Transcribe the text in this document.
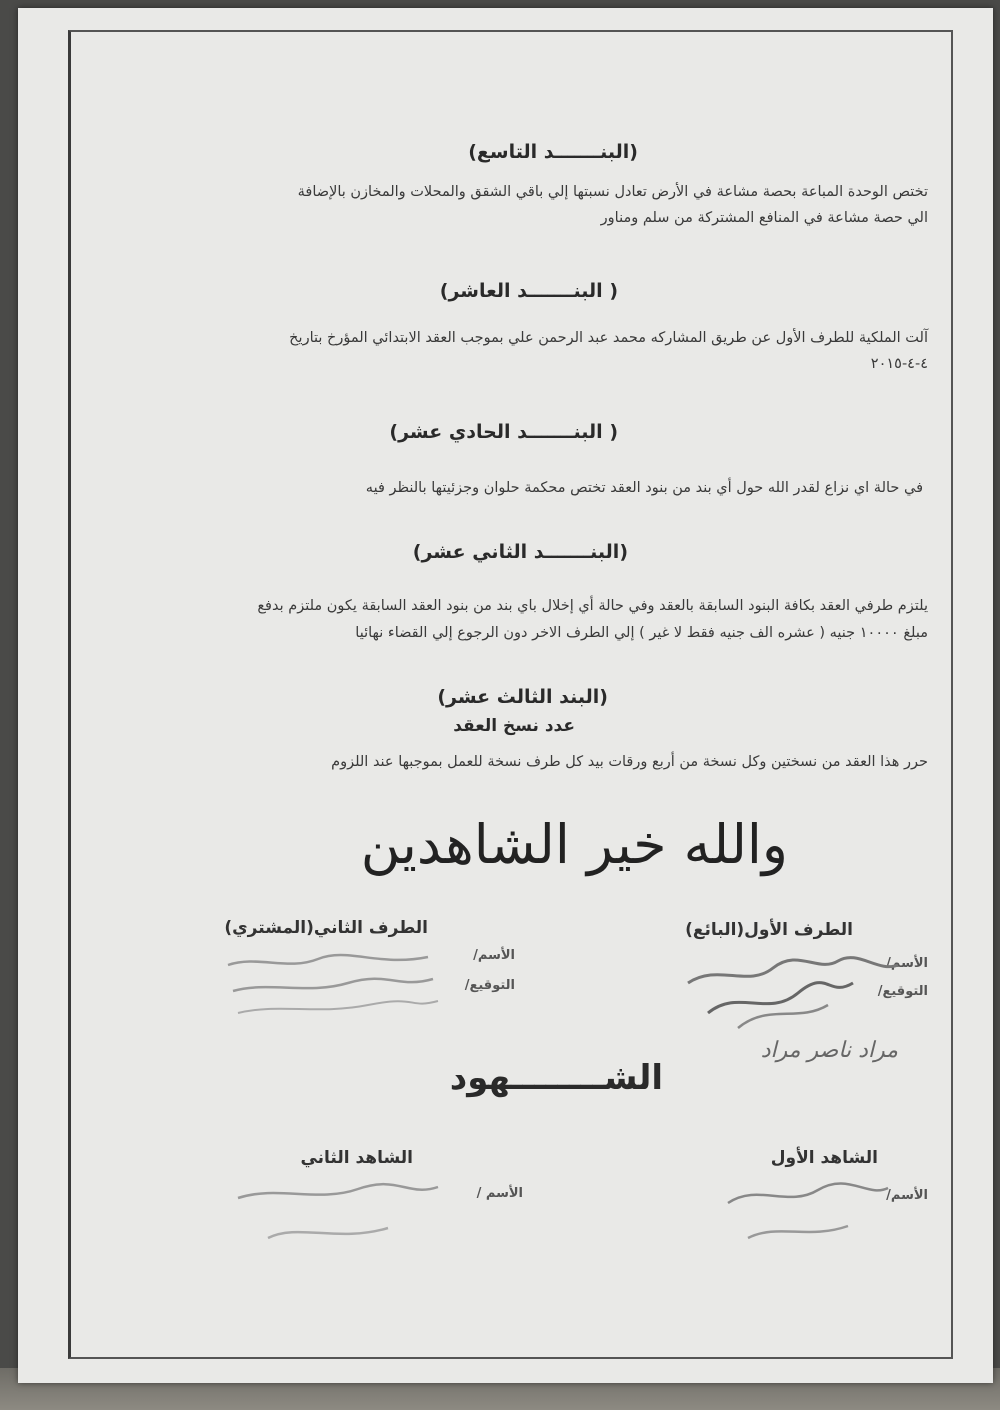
(البنـــــــد التاسع)
تختص الوحدة المباعة بحصة مشاعة في الأرض تعادل نسبتها إلي باقي الشقق والمحلات والمخازن بالإضافة
الي حصة مشاعة في المنافع المشتركة من سلم ومناور
( البنـــــــد العاشر)
آلت الملكية للطرف الأول عن طريق المشاركه محمد عبد الرحمن علي بموجب العقد الابتدائي المؤرخ بتاريخ
٤-٤-٢٠١٥
( البنـــــــد الحادي عشر)
في حالة اي نزاع لقدر الله حول أي بند من بنود العقد تختص محكمة حلوان وجزئيتها بالنظر فيه
(البنـــــــد الثاني عشر)
يلتزم طرفي العقد بكافة البنود السابقة بالعقد وفي حالة أي إخلال باي بند من بنود العقد السابقة يكون ملتزم بدفع
مبلغ ١٠٠٠٠ جنيه ( عشره الف جنيه فقط لا غير ) إلي الطرف الاخر دون الرجوع إلي القضاء نهائيا
(البند الثالث عشر)
عدد نسخ العقد
حرر هذا العقد من نسختين وكل نسخة من أربع ورقات بيد كل طرف نسخة للعمل بموجبها عند اللزوم
والله خير الشاهدين
الطرف الأول(البائع)
الأسم/
التوقيع/
مراد ناصر مراد
الطرف الثاني(المشتري)
الأسم/
التوقيع/
الشــــــــهود
الشاهد الأول
الأسم/
الشاهد الثاني
الأسم /
